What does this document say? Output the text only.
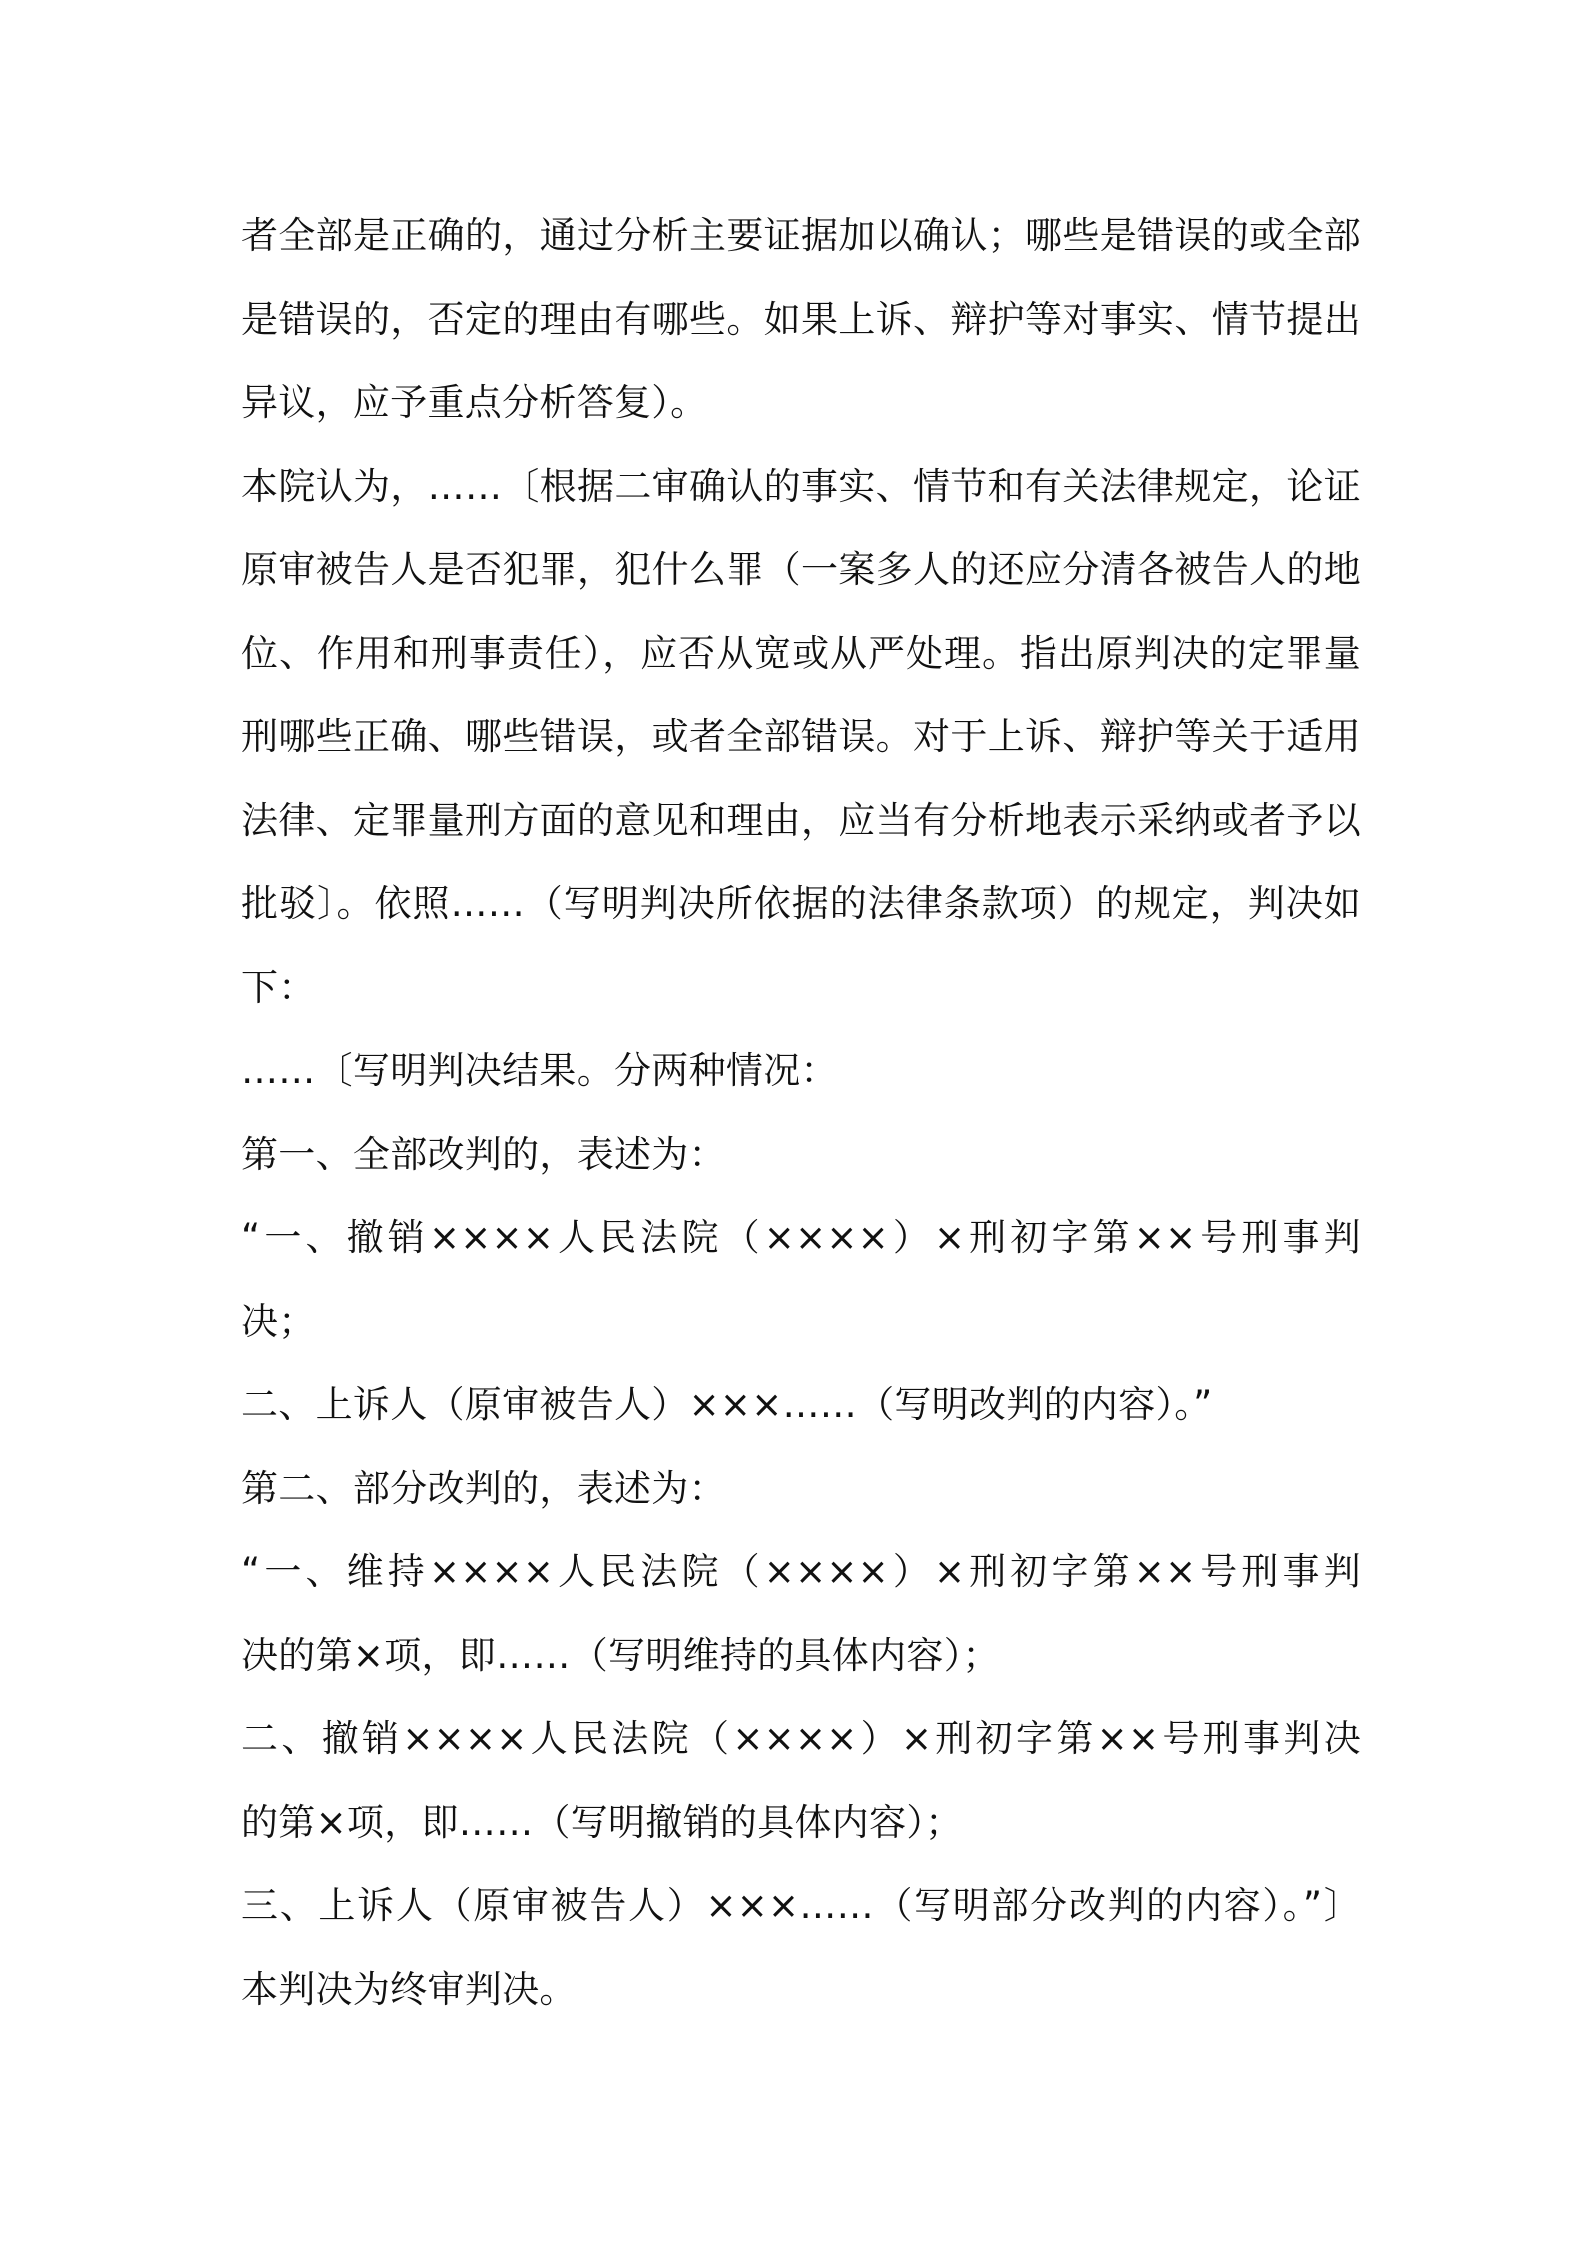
者全部是正确的，通过分析主要证据加以确认；哪些是错误的或全部
是错误的，否定的理由有哪些。如果上诉、辩护等对事实、情节提出
异议，应予重点分析答复）。
本院认为，……〔根据二审确认的事实、情节和有关法律规定，论证
原审被告人是否犯罪，犯什么罪（一案多人的还应分清各被告人的地
位、作用和刑事责任），应否从宽或从严处理。指出原判决的定罪量
刑哪些正确、哪些错误，或者全部错误。对于上诉、辩护等关于适用
法律、定罪量刑方面的意见和理由，应当有分析地表示采纳或者予以
批驳〕。依照……（写明判决所依据的法律条款项）的规定，判决如
下：
……〔写明判决结果。分两种情况：
第一、全部改判的，表述为：
“一、撤销××××人民法院（××××）×刑初字第××号刑事判
决；
二、上诉人（原审被告人）×××……（写明改判的内容）。”
第二、部分改判的，表述为：
“一、维持××××人民法院（××××）×刑初字第××号刑事判
决的第×项，即……（写明维持的具体内容）；
二、撤销××××人民法院（××××）×刑初字第××号刑事判决
的第×项，即……（写明撤销的具体内容）；
三、上诉人（原审被告人）×××……（写明部分改判的内容）。”〕
本判决为终审判决。
